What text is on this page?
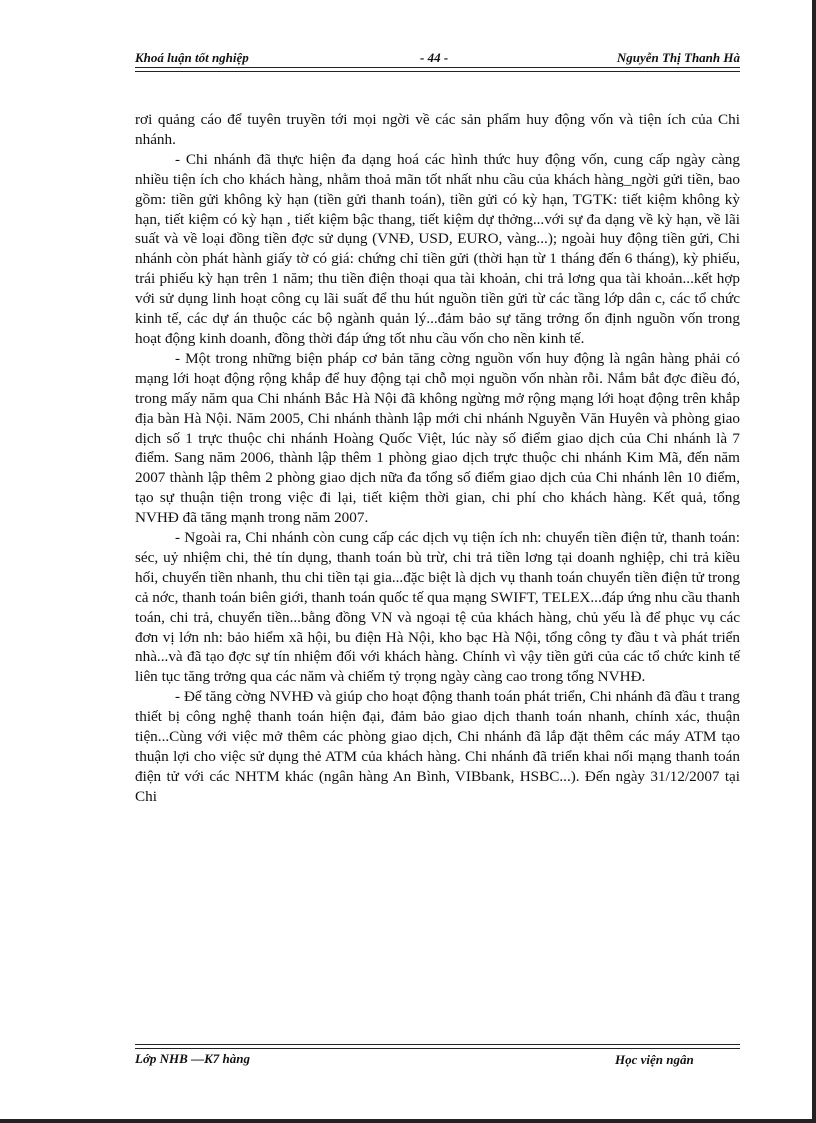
Khoá luận tốt nghiệp	- 44 -	Nguyễn Thị Thanh Hà

rơi quảng cáo để tuyên truyền tới mọi ngời về các sản phẩm huy động vốn và tiện ích của Chi nhánh.

- Chi nhánh đã thực hiện đa dạng hoá các hình thức huy động vốn, cung cấp ngày càng nhiều tiện ích cho khách hàng, nhằm thoả mãn tốt nhất nhu cầu của khách hàng_ngời gửi tiền, bao gồm: tiền gửi không kỳ hạn (tiền gửi thanh toán), tiền gửi có kỳ hạn, TGTK: tiết kiệm không kỳ hạn, tiết kiệm có kỳ hạn , tiết kiệm bậc thang, tiết kiệm dự thởng...với sự đa dạng về kỳ hạn, về lãi suất và về loại đồng tiền đợc sử dụng (VNĐ, USD, EURO, vàng...); ngoài huy động tiền gửi, Chi nhánh còn phát hành giấy tờ có giá: chứng chỉ tiền gửi (thời hạn từ 1 tháng đến 6 tháng), kỳ phiếu, trái phiếu kỳ hạn trên 1 năm; thu tiền điện thoại qua tài khoản, chi trả lơng qua tài khoản...kết hợp với sử dụng linh hoạt công cụ lãi suất để thu hút nguồn tiền gửi từ các tầng lớp dân c, các tổ chức kinh tế, các dự án thuộc các bộ ngành quản lý...đảm bảo sự tăng trởng ổn định nguồn vốn trong hoạt động kinh doanh, đồng thời đáp ứng tốt nhu cầu vốn cho nền kinh tế.

- Một trong những biện pháp cơ bản tăng cờng nguồn vốn huy động là ngân hàng phải có mạng lới hoạt động rộng khắp để huy động tại chỗ mọi nguồn vốn nhàn rỗi. Nắm bắt đợc điều đó, trong mấy năm qua Chi nhánh Bắc Hà Nội đã không ngừng mở rộng mạng lới hoạt động trên khắp địa bàn Hà Nội. Năm 2005, Chi nhánh thành lập mới chi nhánh Nguyễn Văn Huyên và phòng giao dịch số 1 trực thuộc chi nhánh Hoàng Quốc Việt, lúc này số điểm giao dịch của Chi nhánh là 7 điểm. Sang năm 2006, thành lập thêm 1 phòng giao dịch trực thuộc chi nhánh Kim Mã, đến năm 2007 thành lập thêm 2 phòng giao dịch nữa đa tổng số điểm giao dịch của Chi nhánh lên 10 điểm, tạo sự thuận tiện trong việc đi lại, tiết kiệm thời gian, chi phí cho khách hàng. Kết quả, tổng NVHĐ đã tăng mạnh trong năm 2007.

- Ngoài ra, Chi nhánh còn cung cấp các dịch vụ tiện ích nh: chuyển tiền điện tử, thanh toán: séc, uỷ nhiệm chi, thẻ tín dụng, thanh toán bù trừ, chi trả tiền lơng tại doanh nghiệp, chi trả kiều hối, chuyển tiền nhanh, thu chi tiền tại gia...đặc biệt là dịch vụ thanh toán chuyển tiền điện tử trong cả nớc, thanh toán biên giới, thanh toán quốc tế qua mạng SWIFT, TELEX...đáp ứng nhu cầu thanh toán, chi trả, chuyển tiền...bằng đồng VN và ngoại tệ của khách hàng, chủ yếu là để phục vụ các đơn vị lớn nh: bảo hiểm xã hội, bu điện Hà Nội, kho bạc Hà Nội, tổng công ty đầu t và phát triển nhà...và đã tạo đợc sự tín nhiệm đối với khách hàng. Chính vì vậy tiền gửi của các tổ chức kinh tế liên tục tăng trởng qua các năm và chiếm tỷ trọng ngày càng cao trong tổng NVHĐ.

- Để tăng cờng NVHĐ và giúp cho hoạt động thanh toán phát triển, Chi nhánh đã đầu t trang thiết bị công nghệ thanh toán hiện đại, đảm bảo giao dịch thanh toán nhanh, chính xác, thuận tiện...Cùng với việc mở thêm các phòng giao dịch, Chi nhánh đã lắp đặt thêm các máy ATM tạo thuận lợi cho việc sử dụng thẻ ATM của khách hàng. Chi nhánh đã triển khai nối mạng thanh toán điện tử với các NHTM khác (ngân hàng An Bình, VIBbank, HSBC...). Đến ngày 31/12/2007 tại Chi

Lớp NHB —K7 hàng	Học viện ngân
